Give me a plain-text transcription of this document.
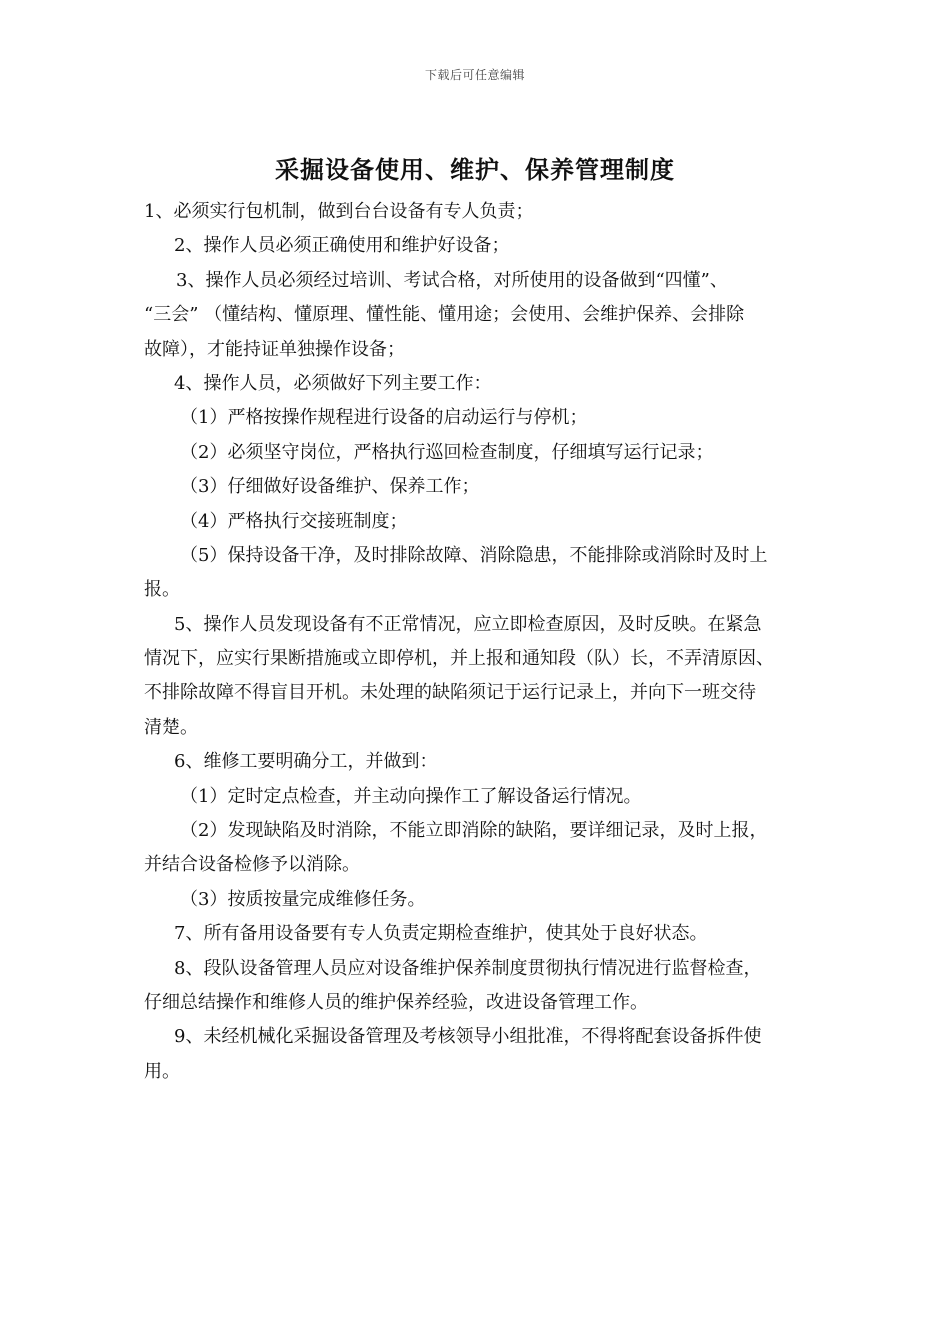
下载后可任意编辑
采掘设备使用、维护、保养管理制度
1、必须实行包机制，做到台台设备有专人负责；
2、操作人员必须正确使用和维护好设备；
3、操作人员必须经过培训、考试合格，对所使用的设备做到“四懂”、
“三会” （懂结构、懂原理、懂性能、懂用途；会使用、会维护保养、会排除
故障），才能持证单独操作设备；
4、操作人员，必须做好下列主要工作：
（1）严格按操作规程进行设备的启动运行与停机；
（2）必须坚守岗位，严格执行巡回检查制度，仔细填写运行记录；
（3）仔细做好设备维护、保养工作；
（4）严格执行交接班制度；
（5）保持设备干净，及时排除故障、消除隐患，不能排除或消除时及时上
报。
5、操作人员发现设备有不正常情况，应立即检查原因，及时反映。在紧急
情况下，应实行果断措施或立即停机，并上报和通知段（队）长，不弄清原因、
不排除故障不得盲目开机。未处理的缺陷须记于运行记录上，并向下一班交待
清楚。
6、维修工要明确分工，并做到：
（1）定时定点检查，并主动向操作工了解设备运行情况。
（2）发现缺陷及时消除，不能立即消除的缺陷，要详细记录，及时上报，
并结合设备检修予以消除。
（3）按质按量完成维修任务。
7、所有备用设备要有专人负责定期检查维护，使其处于良好状态。
8、段队设备管理人员应对设备维护保养制度贯彻执行情况进行监督检查，
仔细总结操作和维修人员的维护保养经验，改进设备管理工作。
9、未经机械化采掘设备管理及考核领导小组批准，不得将配套设备拆件使
用。
